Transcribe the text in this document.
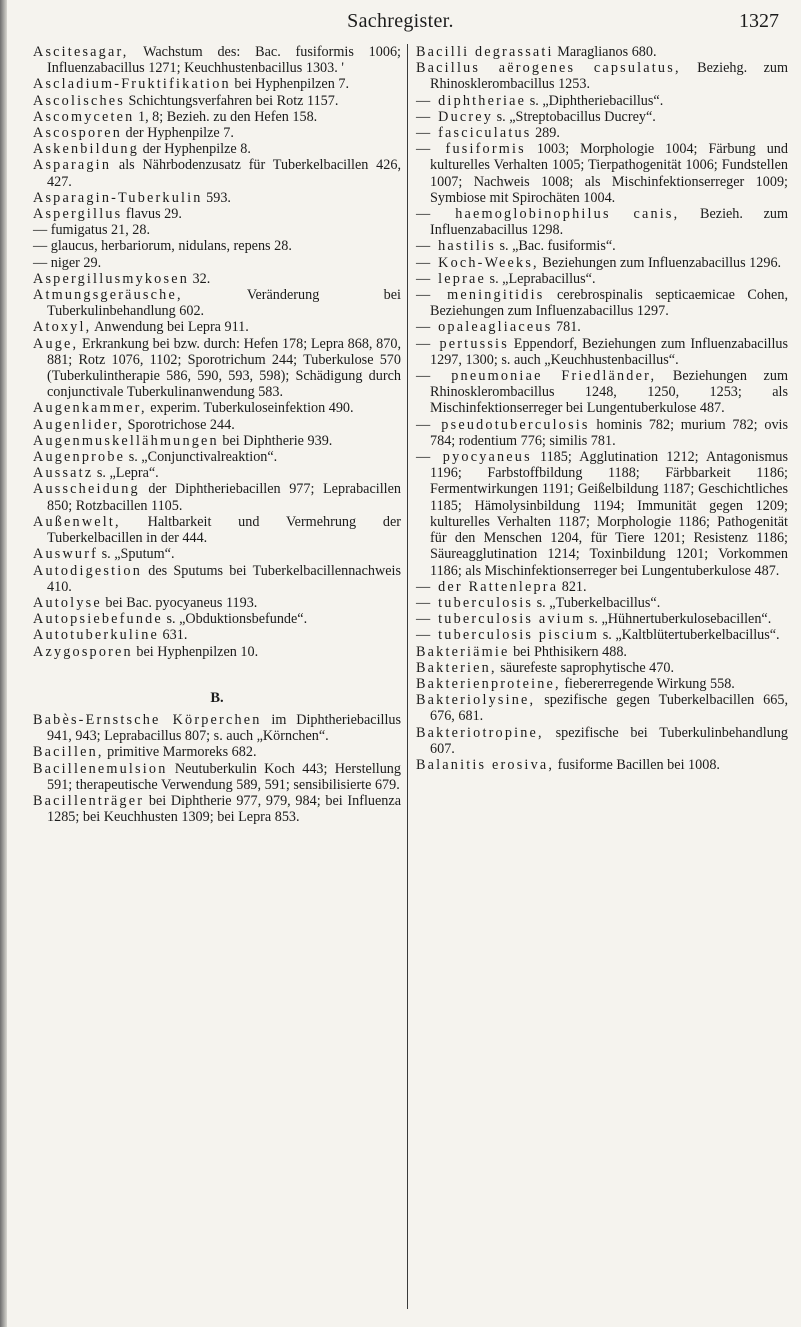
Sachregister.	1327
Ascitesagar, Wachstum des: Bac. fusiformis 1006; Influenzabacillus 1271; Keuchhustenbacillus 1303. '
Ascladium-Fruktifikation bei Hyphenpilzen 7.
Ascolisches Schichtungsverfahren bei Rotz 1157.
Ascomyceten 1, 8; Bezieh. zu den Hefen 158.
Ascosporen der Hyphenpilze 7.
Askenbildung der Hyphenpilze 8.
Asparagin als Nährbodenzusatz für Tuberkelbacillen 426, 427.
Asparagin-Tuberkulin 593.
Aspergillus flavus 29.
— fumigatus 21, 28.
— glaucus, herbariorum, nidulans, repens 28.
— niger 29.
Aspergillusmykosen 32.
Atmungsgeräusche, Veränderung bei Tuberkulinbehandlung 602.
Atoxyl, Anwendung bei Lepra 911.
Auge, Erkrankung bei bzw. durch: Hefen 178; Lepra 868, 870, 881; Rotz 1076, 1102; Sporotrichum 244; Tuberkulose 570 (Tuberkulintherapie 586, 590, 593, 598); Schädigung durch conjunctivale Tuberkulinanwendung 583.
Augenkammer, experim. Tuberkuloseinfektion 490.
Augenlider, Sporotrichose 244.
Augenmuskellähmungen bei Diphtherie 939.
Augenprobe s. „Conjunctivalreaktion“.
Aussatz s. „Lepra“.
Ausscheidung der Diphtheriebacillen 977; Leprabacillen 850; Rotzbacillen 1105.
Außenwelt, Haltbarkeit und Vermehrung der Tuberkelbacillen in der 444.
Auswurf s. „Sputum“.
Autodigestion des Sputums bei Tuberkelbacillennachweis 410.
Autolyse bei Bac. pyocyaneus 1193.
Autopsiebefunde s. „Obduktionsbefunde“.
Autotuberkuline 631.
Azygosporen bei Hyphenpilzen 10.
B.
Babès-Ernstsche Körperchen im Diphtheriebacillus 941, 943; Leprabacillus 807; s. auch „Körnchen“.
Bacillen, primitive Marmoreks 682.
Bacillenemulsion Neutuberkulin Koch 443; Herstellung 591; therapeutische Verwendung 589, 591; sensibilisierte 679.
Bacillenträger bei Diphtherie 977, 979, 984; bei Influenza 1285; bei Keuchhusten 1309; bei Lepra 853.
Bacilli degrassati Maraglianos 680.
Bacillus aërogenes capsulatus, Beziehg. zum Rhinosklerombacillus 1253.
— diphtheriae s. „Diphtheriebacillus“.
— Ducrey s. „Streptobacillus Ducrey“.
— fasciculatus 289.
— fusiformis 1003; Morphologie 1004; Färbung und kulturelles Verhalten 1005; Tierpathogenität 1006; Fundstellen 1007; Nachweis 1008; als Mischinfektionserreger 1009; Symbiose mit Spirochäten 1004.
— haemoglobinophilus canis, Bezieh. zum Influenzabacillus 1298.
— hastilis s. „Bac. fusiformis“.
— Koch-Weeks, Beziehungen zum Influenzabacillus 1296.
— leprae s. „Leprabacillus“.
— meningitidis cerebrospinalis septicaemicae Cohen, Beziehungen zum Influenzabacillus 1297.
— opaleagliaceus 781.
— pertussis Eppendorf, Beziehungen zum Influenzabacillus 1297, 1300; s. auch „Keuchhustenbacillus“.
— pneumoniae Friedländer, Beziehungen zum Rhinosklerombacillus 1248, 1250, 1253; als Mischinfektionserreger bei Lungentuberkulose 487.
— pseudotuberculosis hominis 782; murium 782; ovis 784; rodentium 776; similis 781.
— pyocyaneus 1185; Agglutination 1212; Antagonismus 1196; Farbstoffbildung 1188; Färbbarkeit 1186; Fermentwirkungen 1191; Geißelbildung 1187; Geschichtliches 1185; Hämolysinbildung 1194; Immunität gegen 1209; kulturelles Verhalten 1187; Morphologie 1186; Pathogenität für den Menschen 1204, für Tiere 1201; Resistenz 1186; Säureagglutination 1214; Toxinbildung 1201; Vorkommen 1186; als Mischinfektionserreger bei Lungentuberkulose 487.
— der Rattenlepra 821.
— tuberculosis s. „Tuberkelbacillus“.
— tuberculosis avium s. „Hühnertuberkulosebacillen“.
— tuberculosis piscium s. „Kaltblütertuberkelbacillus“.
Bakteriämie bei Phthisikern 488.
Bakterien, säurefeste saprophytische 470.
Bakterienproteine, fiebererregende Wirkung 558.
Bakteriolysine, spezifische gegen Tuberkelbacillen 665, 676, 681.
Bakteriotropine, spezifische bei Tuberkulinbehandlung 607.
Balanitis erosiva, fusiforme Bacillen bei 1008.
